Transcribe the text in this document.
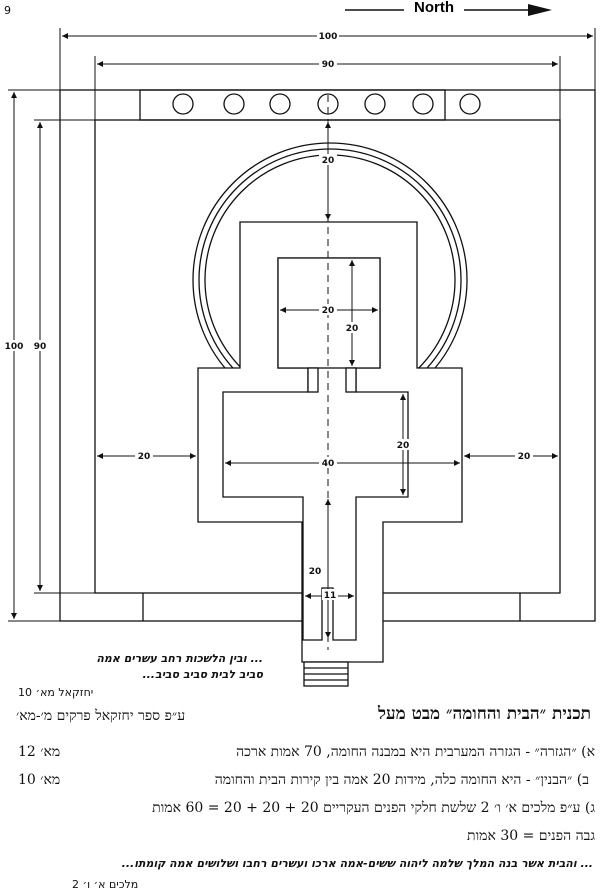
9	North
100
90
100 90
20
20
20
20
40
20	20
20
11
... ובין הלשכות רחב עשרים אמה
סביב לבית סביב סביב...
יחזקאל מא׳ 10
תכנית ״הבית והחומה״ מבט מעל
ע״פ ספר יחזקאל פרקים מ׳-מא׳
א) ״הגזרה״ - הגזרה המערבית היא במבנה החומה, 70 אמות ארכה
מא׳ 12
ב) ״הבנין״ - היא החומה כלה, מידות 20 אמה בין קירות הבית והחומה
מא׳ 10
ג) ע״פ מלכים א׳ ו׳ 2 שלשת חלקי הפנים העקריים 20 + 20 + 20 = 60 אמות
גבה הפנים = 30 אמות
... והבית אשר בנה המלך שלמה ליהוה ששים-אמה ארכו ועשרים רחבו ושלושים אמה קומתו...
מלכים א׳ ו׳ 2
